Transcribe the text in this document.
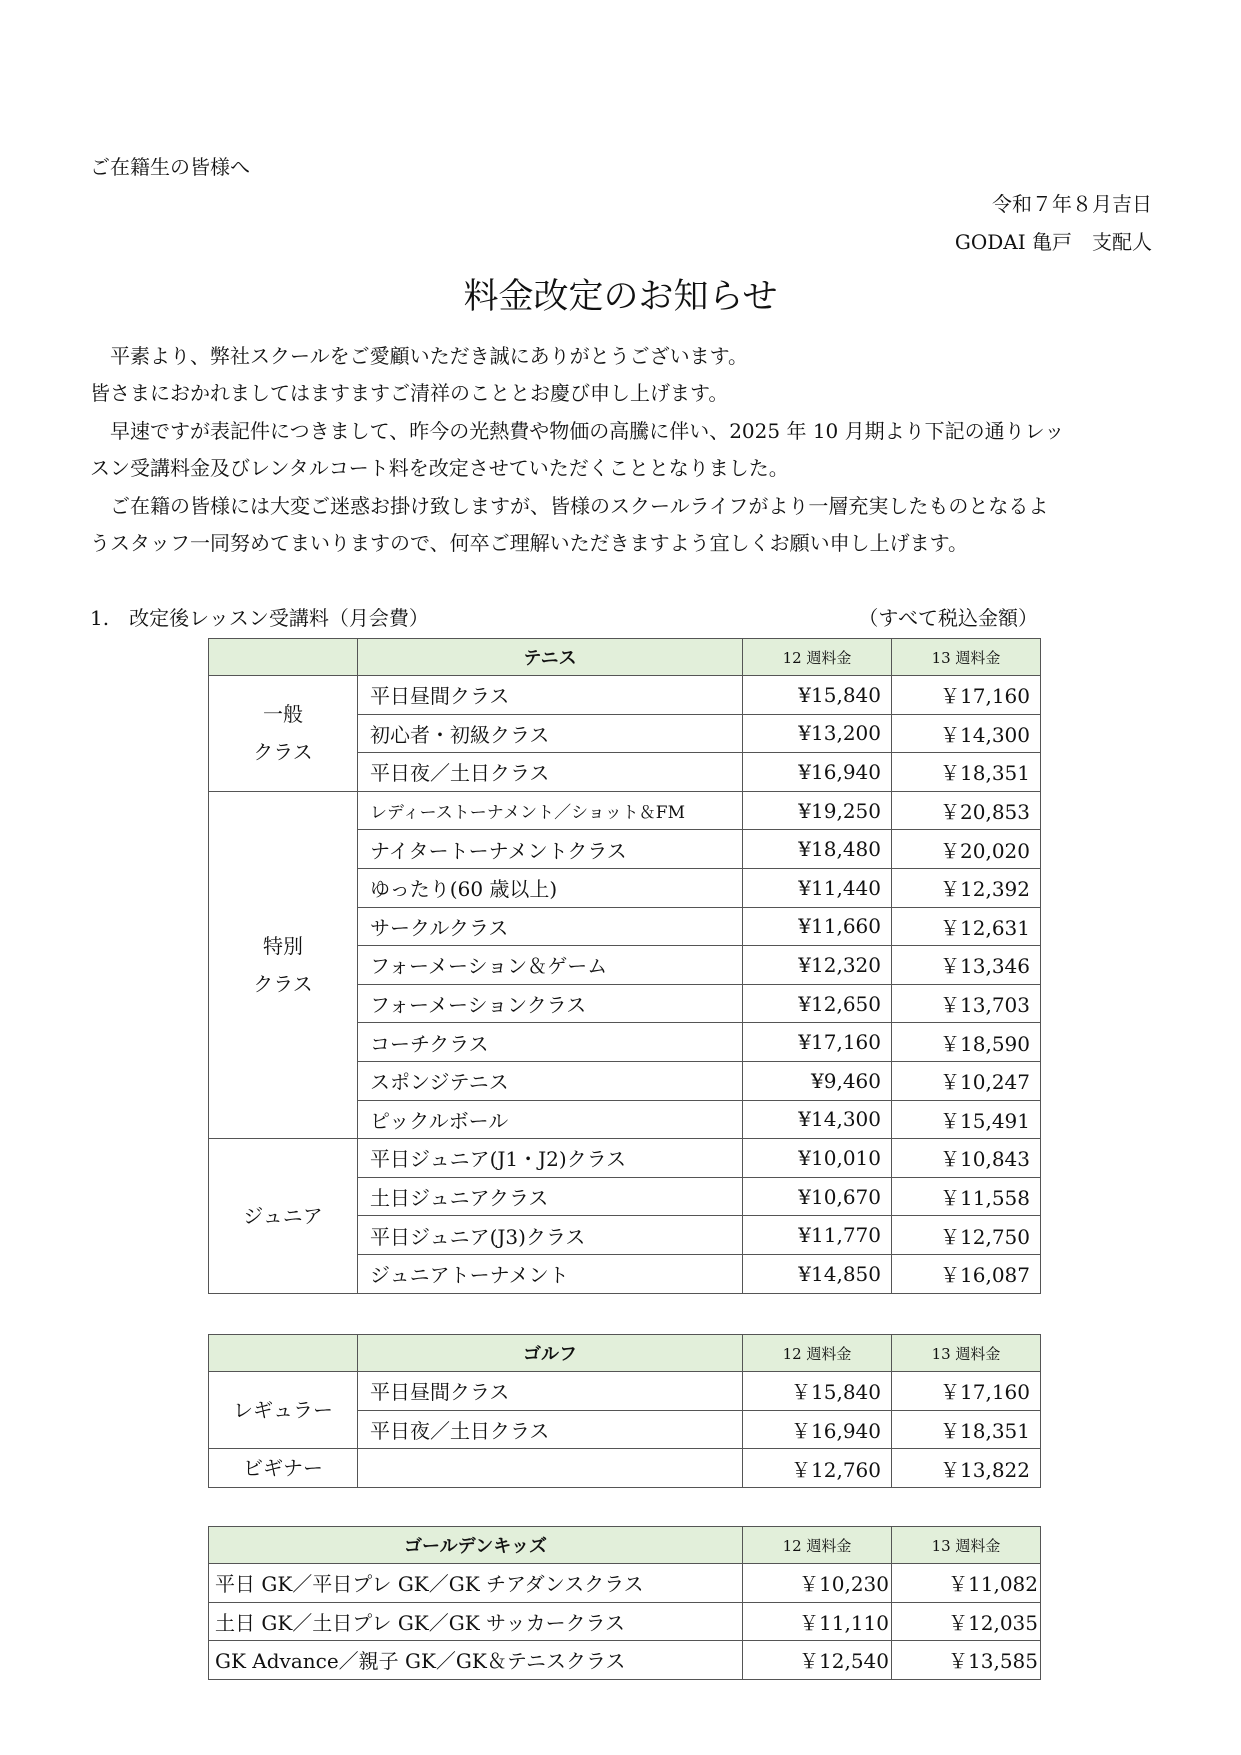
ご在籍生の皆様へ
令和７年８月吉日
GODAI 亀戸　支配人
料金改定のお知らせ
　平素より、弊社スクールをご愛顧いただき誠にありがとうございます。
皆さまにおかれましてはますますご清祥のこととお慶び申し上げます。
　早速ですが表記件につきまして、昨今の光熱費や物価の高騰に伴い、2025 年 10 月期より下記の通りレッ
スン受講料金及びレンタルコート料を改定させていただくこととなりました。
　ご在籍の皆様には大変ご迷惑お掛け致しますが、皆様のスクールライフがより一層充実したものとなるよ
うスタッフ一同努めてまいりますので、何卒ご理解いただきますよう宜しくお願い申し上げます。
1.　改定後レッスン受講料（月会費）	（すべて税込金額）
	テニス	12 週料金	13 週料金
一般
クラス	平日昼間クラス	¥15,840	￥17,160
	初心者・初級クラス	¥13,200	￥14,300
	平日夜／土日クラス	¥16,940	￥18,351
特別
クラス	レディーストーナメント／ショット＆FM	¥19,250	￥20,853
	ナイタートーナメントクラス	¥18,480	￥20,020
	ゆったり(60 歳以上)	¥11,440	￥12,392
	サークルクラス	¥11,660	￥12,631
	フォーメーション＆ゲーム	¥12,320	￥13,346
	フォーメーションクラス	¥12,650	￥13,703
	コーチクラス	¥17,160	￥18,590
	スポンジテニス	¥9,460	￥10,247
	ピックルボール	¥14,300	￥15,491
ジュニア	平日ジュニア(J1・J2)クラス	¥10,010	￥10,843
	土日ジュニアクラス	¥10,670	￥11,558
	平日ジュニア(J3)クラス	¥11,770	￥12,750
	ジュニアトーナメント	¥14,850	￥16,087
	ゴルフ	12 週料金	13 週料金
レギュラー	平日昼間クラス	￥15,840	￥17,160
	平日夜／土日クラス	￥16,940	￥18,351
ビギナー		￥12,760	￥13,822
ゴールデンキッズ	12 週料金	13 週料金
平日 GK／平日プレ GK／GK チアダンスクラス	￥10,230	￥11,082
土日 GK／土日プレ GK／GK サッカークラス	￥11,110	￥12,035
GK Advance／親子 GK／GK＆テニスクラス	￥12,540	￥13,585
